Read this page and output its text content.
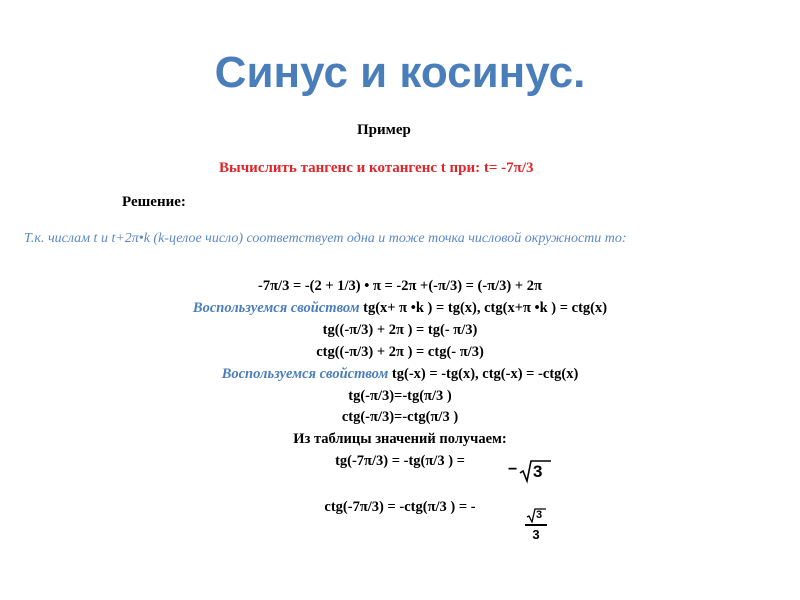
Синус и косинус.
Пример
Вычислить тангенс и котангенс t при: t= -7π/3
Решение:
Т.к. числам t и t+2π•k (k-целое число) соответствует одна и тоже точка числовой окружности то:
-7π/3 = -(2 + 1/3) • π = -2π +(-π/3) = (-π/3) + 2π
Воспользуемся свойством tg(x+ π •k ) = tg(x), ctg(x+π •k ) = ctg(x)
tg((-π/3) + 2π ) = tg(- π/3)
ctg((-π/3) + 2π ) = ctg(- π/3)
Воспользуемся свойством tg(-x) = -tg(x), ctg(-x) = -ctg(x)
tg(-π/3)=-tg(π/3 )
ctg(-π/3)=-ctg(π/3 )
Из таблицы значений получаем:
tg(-7π/3) = -tg(π/3 ) =	− 3
ctg(-7π/3) = -ctg(π/3 ) = -	3
3
